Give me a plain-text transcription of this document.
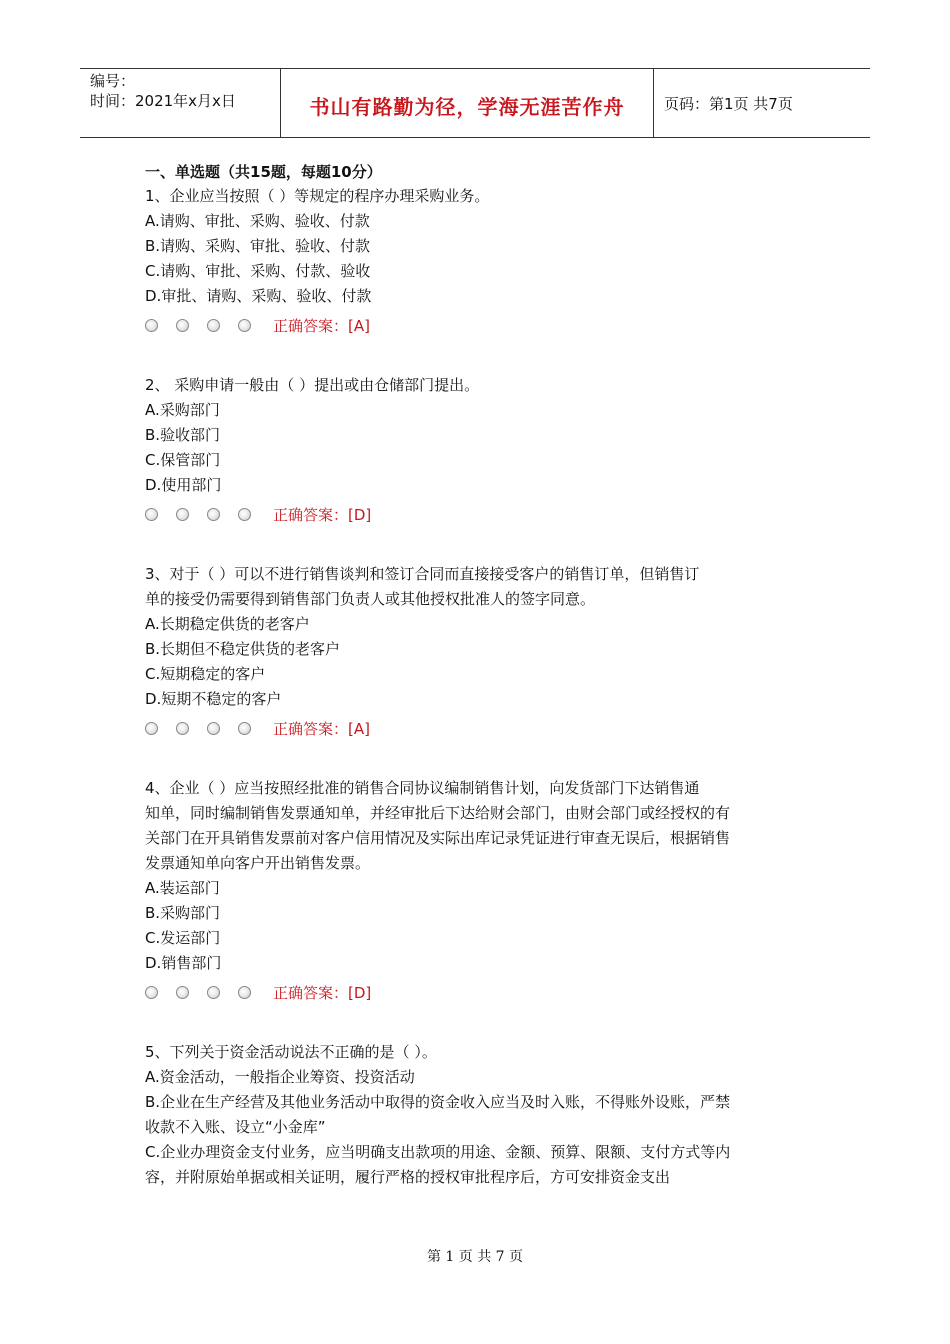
编号：
时间：2021年x月x日	书山有路勤为径，学海无涯苦作舟	页码：第1页 共7页
一、单选题（共15题，每题10分）
1、企业应当按照（ ）等规定的程序办理采购业务。
A.请购、审批、采购、验收、付款
B.请购、采购、审批、验收、付款
C.请购、审批、采购、付款、验收
D.审批、请购、采购、验收、付款
正确答案：[A]
2、 采购申请一般由（ ）提出或由仓储部门提出。
A.采购部门
B.验收部门
C.保管部门
D.使用部门
正确答案：[D]
3、对于（ ）可以不进行销售谈判和签订合同而直接接受客户的销售订单，但销售订
单的接受仍需要得到销售部门负责人或其他授权批准人的签字同意。
A.长期稳定供货的老客户
B.长期但不稳定供货的老客户
C.短期稳定的客户
D.短期不稳定的客户
正确答案：[A]
4、企业（ ）应当按照经批准的销售合同协议编制销售计划，向发货部门下达销售通
知单，同时编制销售发票通知单，并经审批后下达给财会部门，由财会部门或经授权的有
关部门在开具销售发票前对客户信用情况及实际出库记录凭证进行审查无误后，根据销售
发票通知单向客户开出销售发票。
A.装运部门
B.采购部门
C.发运部门
D.销售部门
正确答案：[D]
5、下列关于资金活动说法不正确的是（ ）。
A.资金活动，一般指企业筹资、投资活动
B.企业在生产经营及其他业务活动中取得的资金收入应当及时入账，不得账外设账，严禁
收款不入账、设立“小金库”
C.企业办理资金支付业务，应当明确支出款项的用途、金额、预算、限额、支付方式等内
容，并附原始单据或相关证明，履行严格的授权审批程序后，方可安排资金支出
第 1 页 共 7 页
